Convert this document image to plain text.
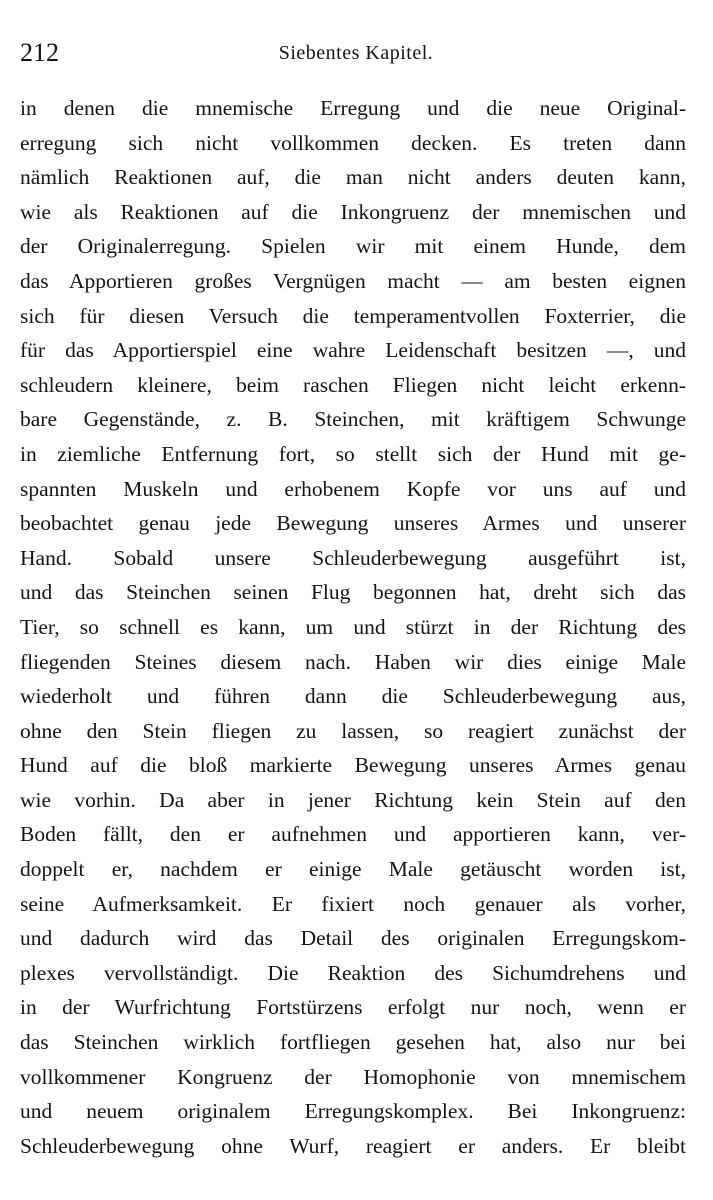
212	Siebentes Kapitel.
in denen die mnemische Erregung und die neue Original-
erregung sich nicht vollkommen decken. Es treten dann
nämlich Reaktionen auf, die man nicht anders deuten kann,
wie als Reaktionen auf die Inkongruenz der mnemischen und
der Originalerregung. Spielen wir mit einem Hunde, dem
das Apportieren großes Vergnügen macht — am besten eignen
sich für diesen Versuch die temperamentvollen Foxterrier, die
für das Apportierspiel eine wahre Leidenschaft besitzen —, und
schleudern kleinere, beim raschen Fliegen nicht leicht erkenn-
bare Gegenstände, z. B. Steinchen, mit kräftigem Schwunge
in ziemliche Entfernung fort, so stellt sich der Hund mit ge-
spannten Muskeln und erhobenem Kopfe vor uns auf und
beobachtet genau jede Bewegung unseres Armes und unserer
Hand. Sobald unsere Schleuderbewegung ausgeführt ist,
und das Steinchen seinen Flug begonnen hat, dreht sich das
Tier, so schnell es kann, um und stürzt in der Richtung des
fliegenden Steines diesem nach. Haben wir dies einige Male
wiederholt und führen dann die Schleuderbewegung aus,
ohne den Stein fliegen zu lassen, so reagiert zunächst der
Hund auf die bloß markierte Bewegung unseres Armes genau
wie vorhin. Da aber in jener Richtung kein Stein auf den
Boden fällt, den er aufnehmen und apportieren kann, ver-
doppelt er, nachdem er einige Male getäuscht worden ist,
seine Aufmerksamkeit. Er fixiert noch genauer als vorher,
und dadurch wird das Detail des originalen Erregungskom-
plexes vervollständigt. Die Reaktion des Sichumdrehens und
in der Wurfrichtung Fortstürzens erfolgt nur noch, wenn er
das Steinchen wirklich fortfliegen gesehen hat, also nur bei
vollkommener Kongruenz der Homophonie von mnemischem
und neuem originalem Erregungskomplex. Bei Inkongruenz:
Schleuderbewegung ohne Wurf, reagiert er anders. Er bleibt
